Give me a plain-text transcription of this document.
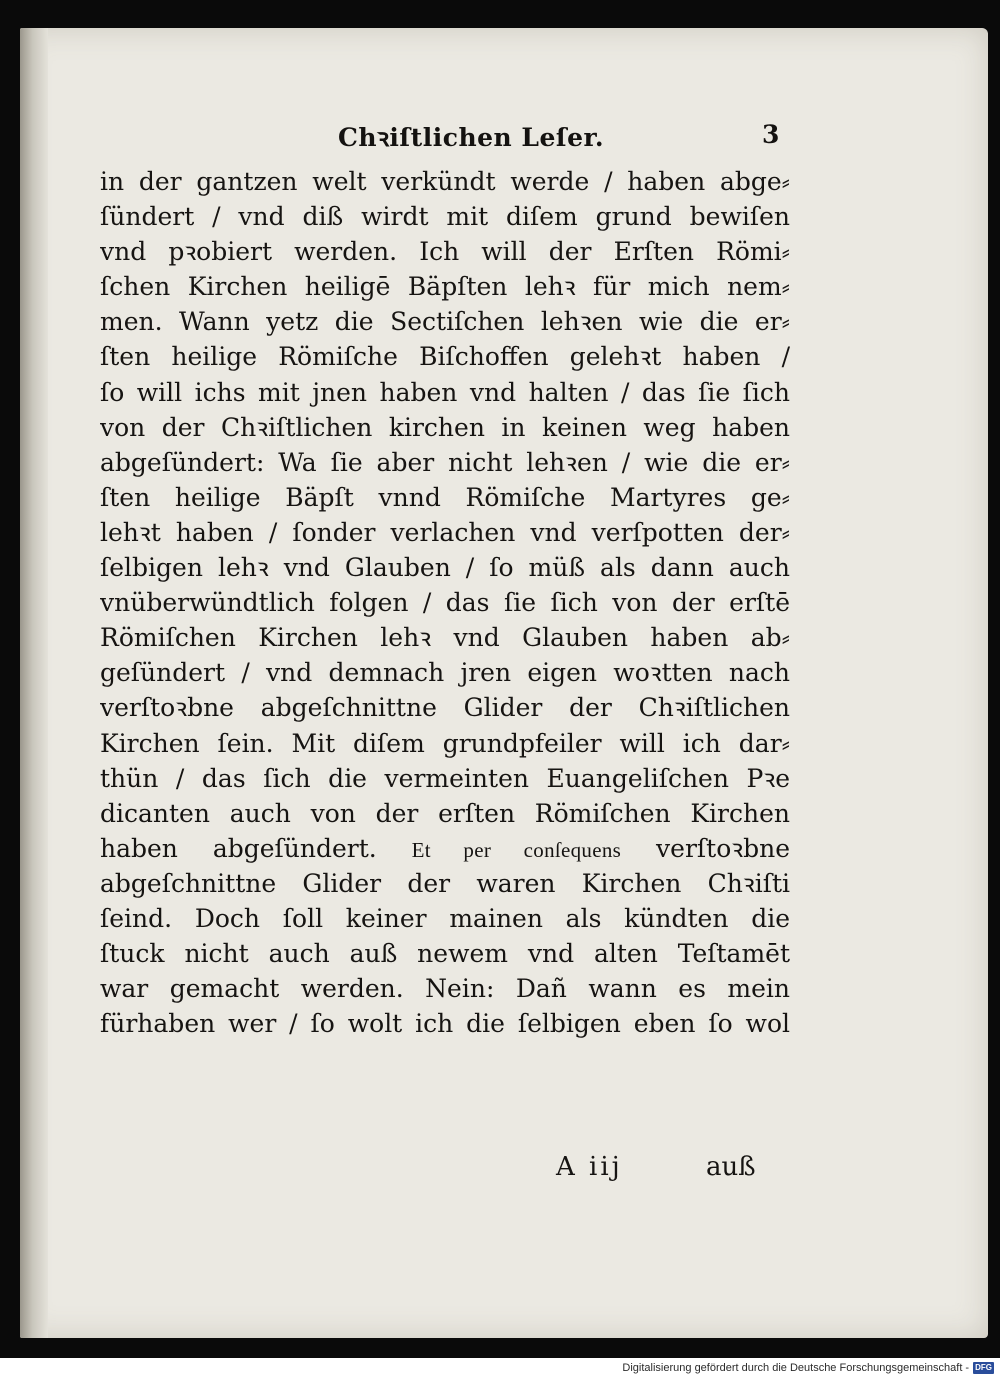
Chꝛiſtlichen Leſer.	3
in der gantzen welt verkündt werde / haben abge⸗
ſündert / vnd diß wirdt mit diſem grund bewiſen
vnd pꝛobiert werden. Ich will der Erſten Römi⸗
ſchen Kirchen heiligē Bäpſten lehꝛ für mich nem⸗
men. Wann yetz die Sectiſchen lehꝛen wie die er⸗
ſten heilige Römiſche Biſchoffen gelehꝛt haben /
ſo will ichs mit jnen haben vnd halten / das ſie ſich
von der Chꝛiſtlichen kirchen in keinen weg haben
abgeſündert: Wa ſie aber nicht lehꝛen / wie die er⸗
ſten heilige Bäpſt vnnd Römiſche Martyres ge⸗
lehꝛt haben / ſonder verlachen vnd verſpotten der⸗
ſelbigen lehꝛ vnd Glauben / ſo müß als dann auch
vnüberwündtlich folgen / das ſie ſich von der erſtē
Römiſchen Kirchen lehꝛ vnd Glauben haben ab⸗
geſündert / vnd demnach jren eigen woꝛtten nach
verſtoꝛbne abgeſchnittne Glider der Chꝛiſtlichen
Kirchen ſein. Mit diſem grundpfeiler will ich dar⸗
thün / das ſich die vermeinten Euangeliſchen Pꝛe
dicanten auch von der erſten Römiſchen Kirchen
haben abgeſündert. Et per conſequens verſtoꝛbne
abgeſchnittne Glider der waren Kirchen Chꝛiſti
ſeind. Doch ſoll keiner mainen als kündten die
ſtuck nicht auch auß newem vnd alten Teſtamēt
war gemacht werden. Nein: Dañ wann es mein
fürhaben wer / ſo wolt ich die ſelbigen eben ſo wol
A iij	auß
Digitalisierung gefördert durch die Deutsche Forschungsgemeinschaft - DFG
